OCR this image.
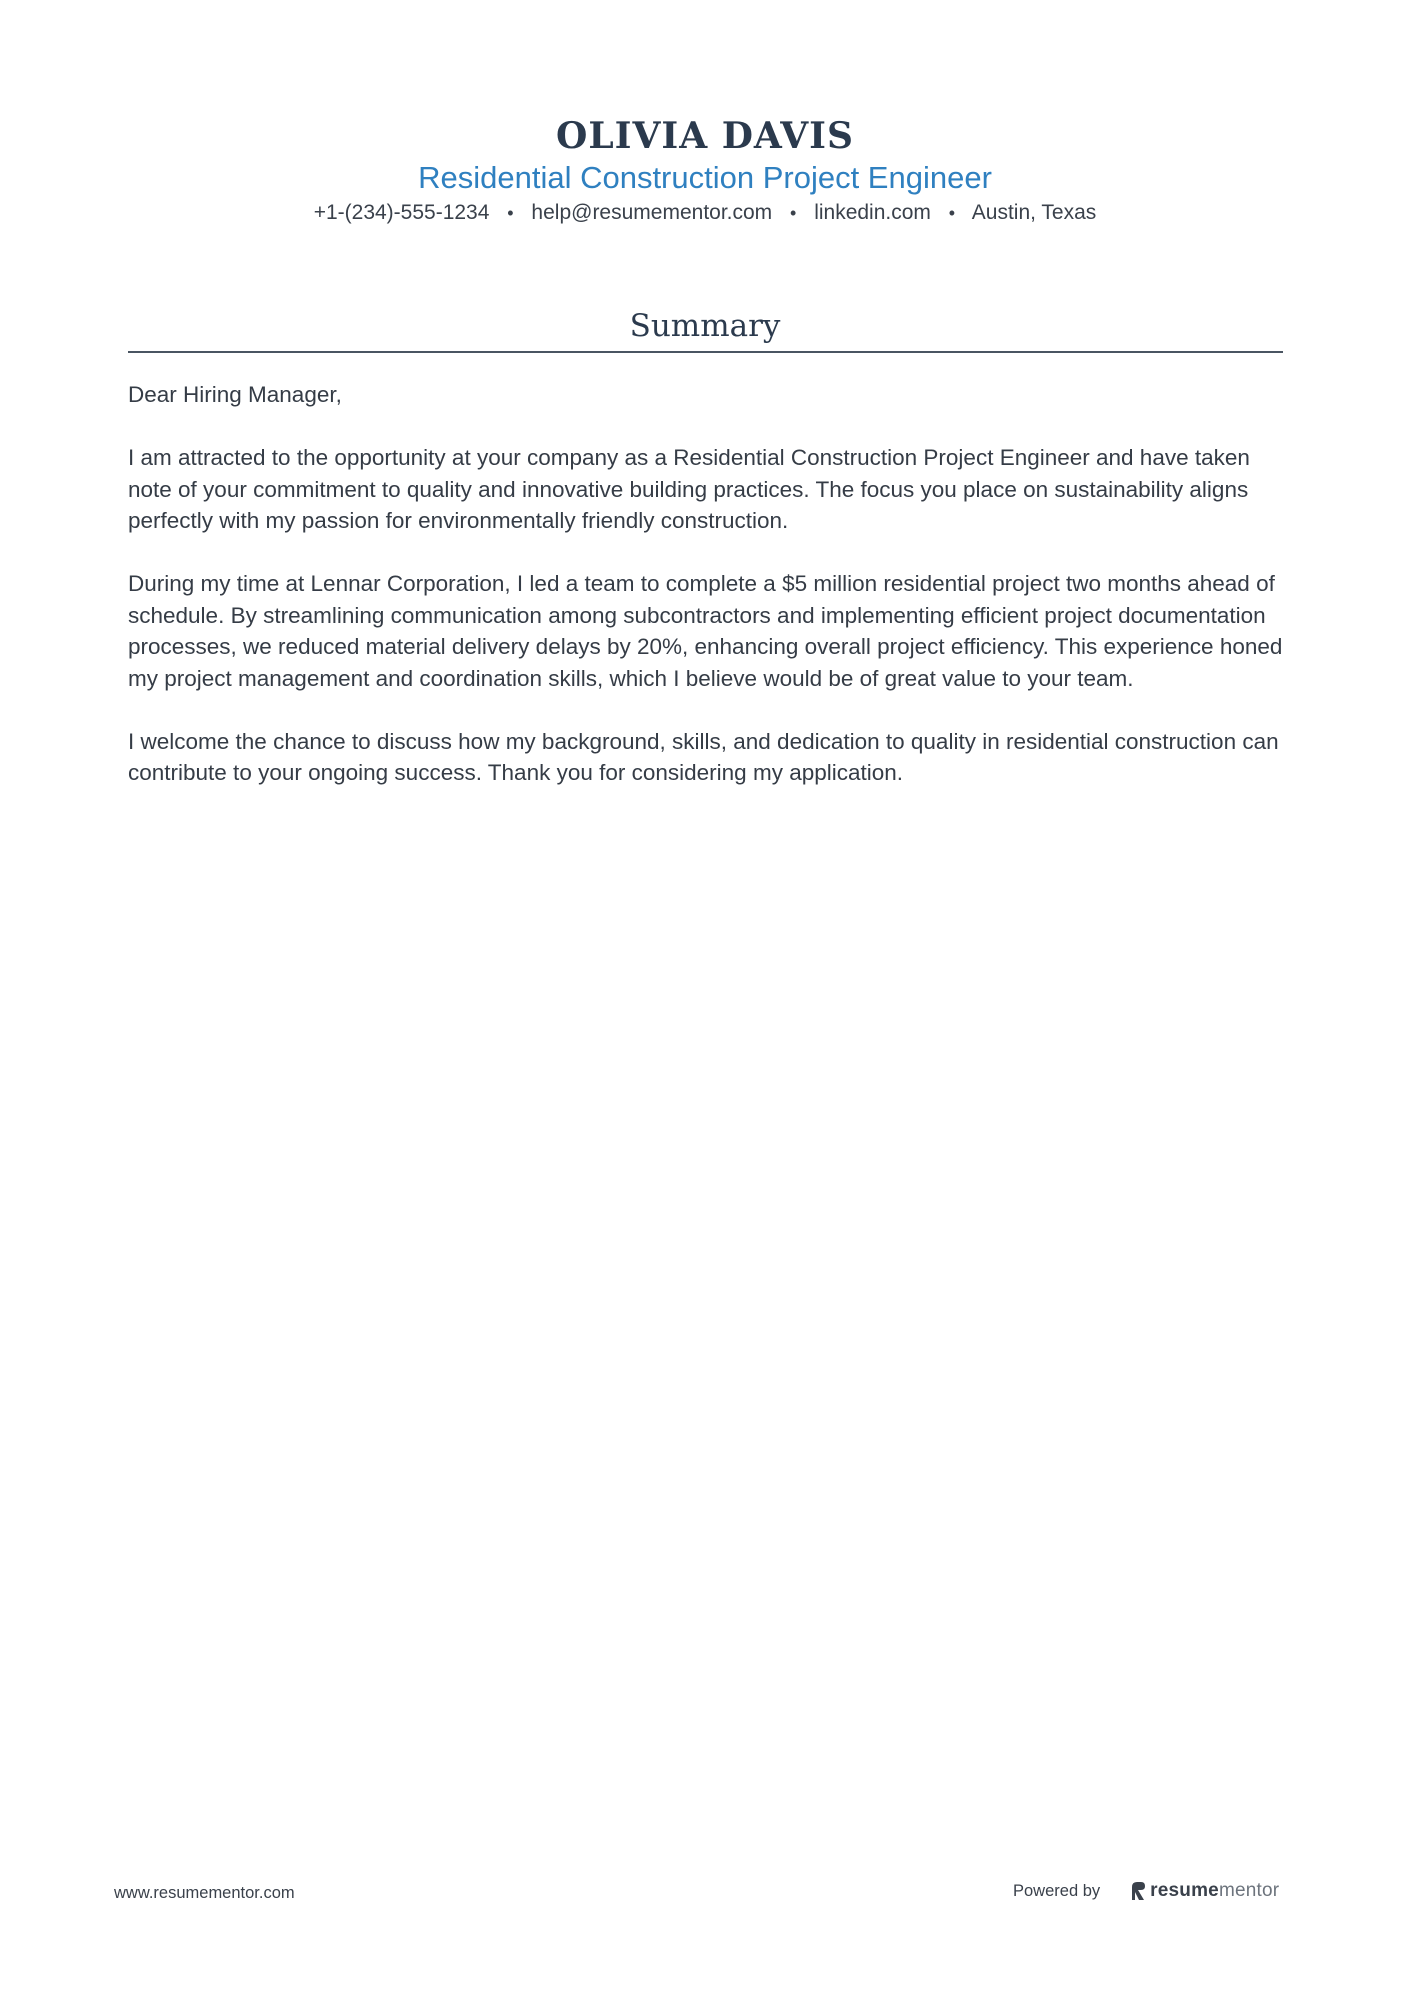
OLIVIA DAVIS
Residential Construction Project Engineer
+1-(234)-555-1234 • help@resumementor.com • linkedin.com • Austin, Texas
Summary

Dear Hiring Manager,

I am attracted to the opportunity at your company as a Residential Construction Project Engineer and have taken note of your commitment to quality and innovative building practices. The focus you place on sustainability aligns perfectly with my passion for environmentally friendly construction.

During my time at Lennar Corporation, I led a team to complete a $5 million residential project two months ahead of schedule. By streamlining communication among subcontractors and implementing efficient project documentation processes, we reduced material delivery delays by 20%, enhancing overall project efficiency. This experience honed my project management and coordination skills, which I believe would be of great value to your team.

I welcome the chance to discuss how my background, skills, and dedication to quality in residential construction can contribute to your ongoing success. Thank you for considering my application.

www.resumementor.com	Powered by	resume mentor
